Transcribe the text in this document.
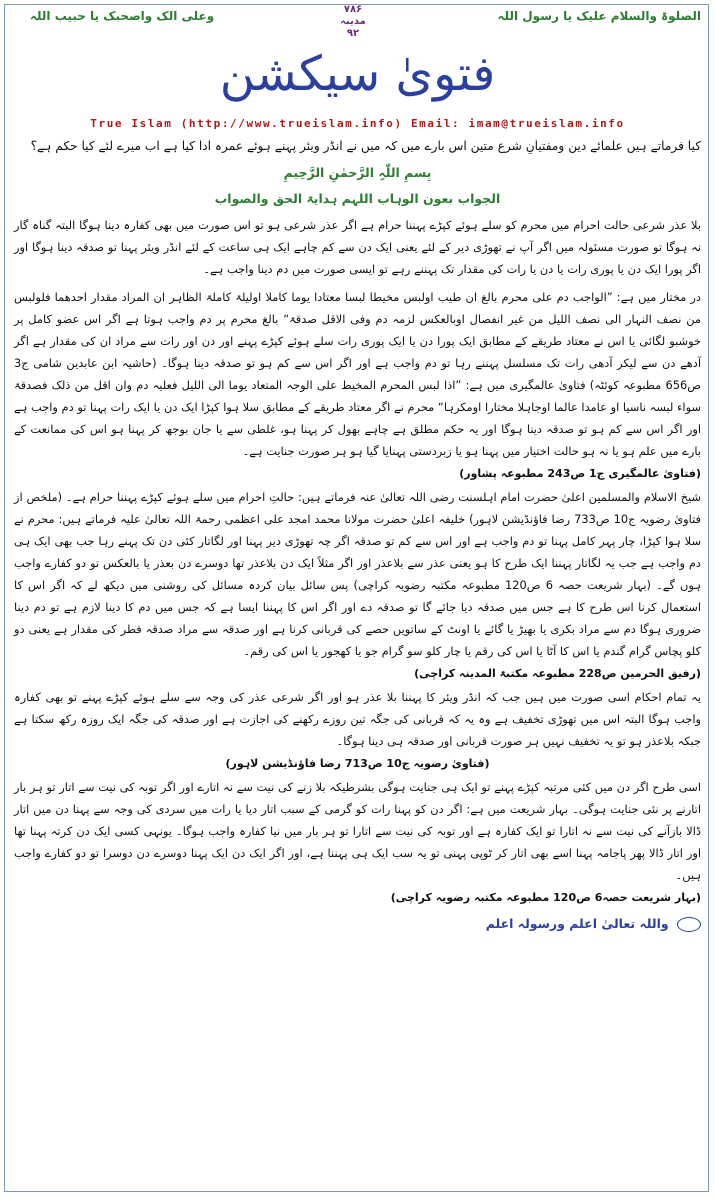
الصلوۃ والسلام علیک یا رسول اللہ
۷۸۶
مدینہ
۹۲
وعلی الک واصحبک یا حبیب اللہ
فتویٰ سیکشن
True Islam (http://www.trueislam.info) Email: imam@trueislam.info
کیا فرماتے ہیں علمائے دین ومفتیانِ شرع متین اس بارے میں کہ میں نے انڈر ویئر پہنے ہوئے عمرہ ادا کیا ہے اب میرے لئے کیا حکم ہے؟
بِسمِ اللّٰہِ الرَّحمٰنِ الرَّحِیمِ
الجواب بعون الوہاب اللہم ہدایۃ الحق والصواب

بلا عذر شرعی حالت احرام میں محرم کو سلے ہوئے کپڑے پہننا حرام ہے اگر عذر شرعی ہو تو اس صورت میں بھی کفارہ دینا ہوگا البتہ گناہ گار نہ ہوگا تو صورت مسئولہ میں اگر آپ نے تھوڑی دیر کے لئے یعنی ایک دن سے کم چاہے ایک ہی ساعت کے لئے انڈر ویئر پہنا تو صدقہ دینا ہوگا اور اگر پورا ایک دن یا پوری رات یا دن یا رات کی مقدار تک پہننے رہے تو ایسی صورت میں دم دینا واجب ہے۔

در مختار میں ہے: ”الواجب دم علی محرم بالغ ان طیب اولبس مخیطا لبسا معتادا یوما کاملا اولیلۃ کاملۃ الظاہر ان المراد مقدار احدھما فلولبس من نصف النہار الی نصف اللیل من غیر انفصال اوبالعکس لزمہ دم وفی الاقل صدقۃ“ بالغ محرم پر دم واجب ہوتا ہے اگر اس عضو کامل پر خوشبو لگائی یا اس نے معتاد طریقے کے مطابق ایک پورا دن یا ایک پوری رات سلے ہوئے کپڑے پہنے اور دن اور رات سے مراد ان کی مقدار ہے اگر آدھے دن سے لیکر آدھی رات تک مسلسل پہننے رہا تو دم واجب ہے اور اگر اس سے کم ہو تو صدقہ دینا ہوگا۔ (حاشیہ ابن عابدین شامی ج3 ص656 مطبوعہ کوئٹہ) فتاویٰ عالمگیری میں ہے: ”اذا لبس المحرم المخیط علی الوجہ المتعاد یوما الی اللیل فعلیہ دم وان اقل من ذلک فصدقۃ سواء لبسہ ناسیا او عامدا عالما اوجاہلا مختارا اومکرہا“ محرم نے اگر معتاد طریقے کے مطابق سلا ہوا کپڑا ایک دن یا ایک رات پہنا تو دم واجب ہے اور اگر اس سے کم ہو تو صدقہ دینا ہوگا اور یہ حکم مطلق ہے چاہے بھول کر پہنا ہو، غلطی سے یا جان بوجھ کر پہنا ہو اس کی ممانعت کے بارے میں علم ہو یا نہ ہو حالت اختیار میں پہنا ہو یا زبردستی پہنایا گیا ہو ہر صورت جنایت ہے۔

(فتاویٰ عالمگیری ج1 ص243 مطبوعہ پشاور)

شیخ الاسلام والمسلمین اعلیٰ حضرت امام اہلسنت رضی اللہ تعالیٰ عنہ فرماتے ہیں: حالتِ احرام میں سلے ہوئے کپڑے پہننا حرام ہے۔ (ملخص از فتاویٰ رضویہ ج10 ص733 رضا فاؤنڈیشن لاہور) خلیفہ اعلیٰ حضرت مولانا محمد امجد علی اعظمی رحمۃ اللہ تعالیٰ علیہ فرماتے ہیں: محرم نے سلا ہوا کپڑا، چار پہر کامل پہنا تو دم واجب ہے اور اس سے کم تو صدقہ اگر چہ تھوڑی دیر پہنا اور لگاتار کئی دن تک پہنے رہا جب بھی ایک ہی دم واجب ہے جب یہ لگاتار پہننا ایک طرح کا ہو یعنی عذر سے بلاعذر اور اگر مثلاً ایک دن بلاعذر تھا دوسرے دن بعذر یا بالعکس تو دو کفارے واجب ہوں گے۔ (بہار شریعت حصہ 6 ص120 مطبوعہ مکتبہ رضویہ کراچی) پس سائل بیان کردہ مسائل کی روشنی میں دیکھ لے کہ اگر اس کا استعمال کرنا اس طرح کا ہے جس میں صدقہ دیا جائے گا تو صدقہ دے اور اگر اس کا پہننا ایسا ہے کہ جس میں دم کا دینا لازم ہے تو دم دینا ضروری ہوگا دم سے مراد بکری یا بھیڑ یا گائے یا اونٹ کے ساتویں حصے کی قربانی کرنا ہے اور صدقہ سے مراد صدقہ فطر کی مقدار ہے یعنی دو کلو پچاس گرام گندم یا اس کا آٹا یا اس کی رقم یا چار کلو سو گرام جو یا کھجور یا اس کی رقم۔

(رفیق الحرمین ص228 مطبوعہ مکتبۃ المدینہ کراچی)

یہ تمام احکام اسی صورت میں ہیں جب کہ انڈر ویئر کا پہننا بلا عذر ہو اور اگر شرعی عذر کی وجہ سے سلے ہوئے کپڑے پہنے تو بھی کفارہ واجب ہوگا البتہ اس میں تھوڑی تخفیف ہے وہ یہ کہ قربانی کی جگہ تین روزے رکھنے کی اجازت ہے اور صدقہ کی جگہ ایک روزہ رکھ سکتا ہے جبکہ بلاعذر ہو تو یہ تخفیف نہیں ہر صورت قربانی اور صدقہ ہی دینا ہوگا۔

(فتاویٰ رضویہ ج10 ص713 رضا فاؤنڈیشن لاہور)

اسی طرح اگر دن میں کئی مرتبہ کپڑے پہنے تو ایک ہی جنایت ہوگی بشرطیکہ بلا زنے کی نیت سے نہ اتارے اور اگر توبہ کی نیت سے اتار تو ہر بار اتارنے پر نئی جنایت ہوگی۔ بہار شریعت میں ہے: اگر دن کو پہنا رات کو گرمی کے سبب اتار دیا یا رات میں سردی کی وجہ سے پہنا دن میں اتار ڈالا بازآنے کی نیت سے نہ اتارا تو ایک کفارہ ہے اور توبہ کی نیت سے اتارا تو ہر بار میں نیا کفارہ واجب ہوگا۔ یونہی کسی ایک دن کرتہ پہنا تھا اور اتار ڈالا پھر پاجامہ پہنا اسے بھی اتار کر ٹوپی پہنی تو یہ سب ایک ہی پہننا ہے، اور اگر ایک دن ایک پہنا دوسرے دن دوسرا تو دو کفارے واجب ہیں۔

(بہار شریعت حصہ6 ص120 مطبوعہ مکتبہ رضویہ کراچی)
واللہ تعالیٰ اعلم ورسولہ اعلم
